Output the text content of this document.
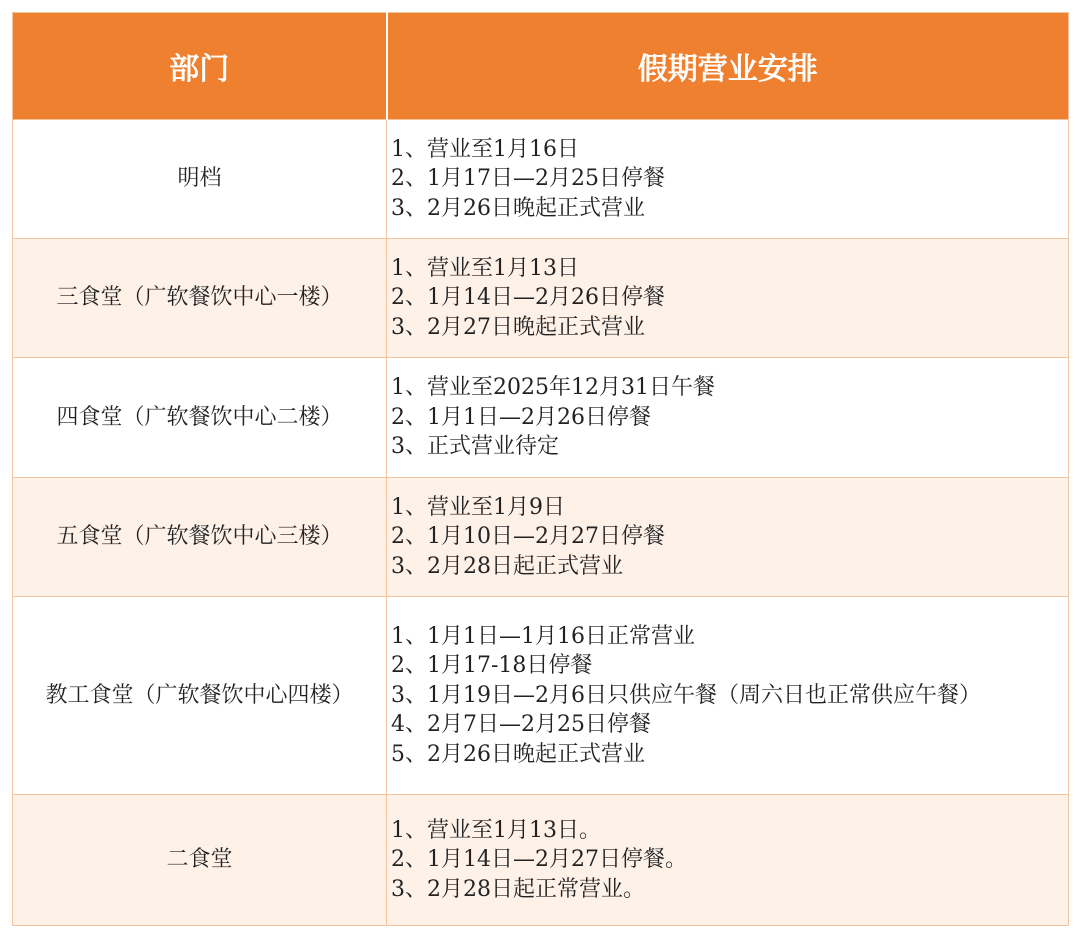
部门	假期营业安排
明档	1、营业至1月16日
2、1月17日—2月25日停餐
3、2月26日晚起正式营业

三食堂（广软餐饮中心一楼）	1、营业至1月13日
2、1月14日—2月26日停餐
3、2月27日晚起正式营业

四食堂（广软餐饮中心二楼）	1、营业至2025年12月31日午餐
2、1月1日—2月26日停餐
3、正式营业待定

五食堂（广软餐饮中心三楼）	1、营业至1月9日
2、1月10日—2月27日停餐
3、2月28日起正式营业

教工食堂（广软餐饮中心四楼）	1、1月1日—1月16日正常营业
2、1月17-18日停餐
3、1月19日—2月6日只供应午餐（周六日也正常供应午餐）
4、2月7日—2月25日停餐
5、2月26日晚起正式营业

二食堂	1、营业至1月13日。
2、1月14日—2月27日停餐。
3、2月28日起正常营业。
